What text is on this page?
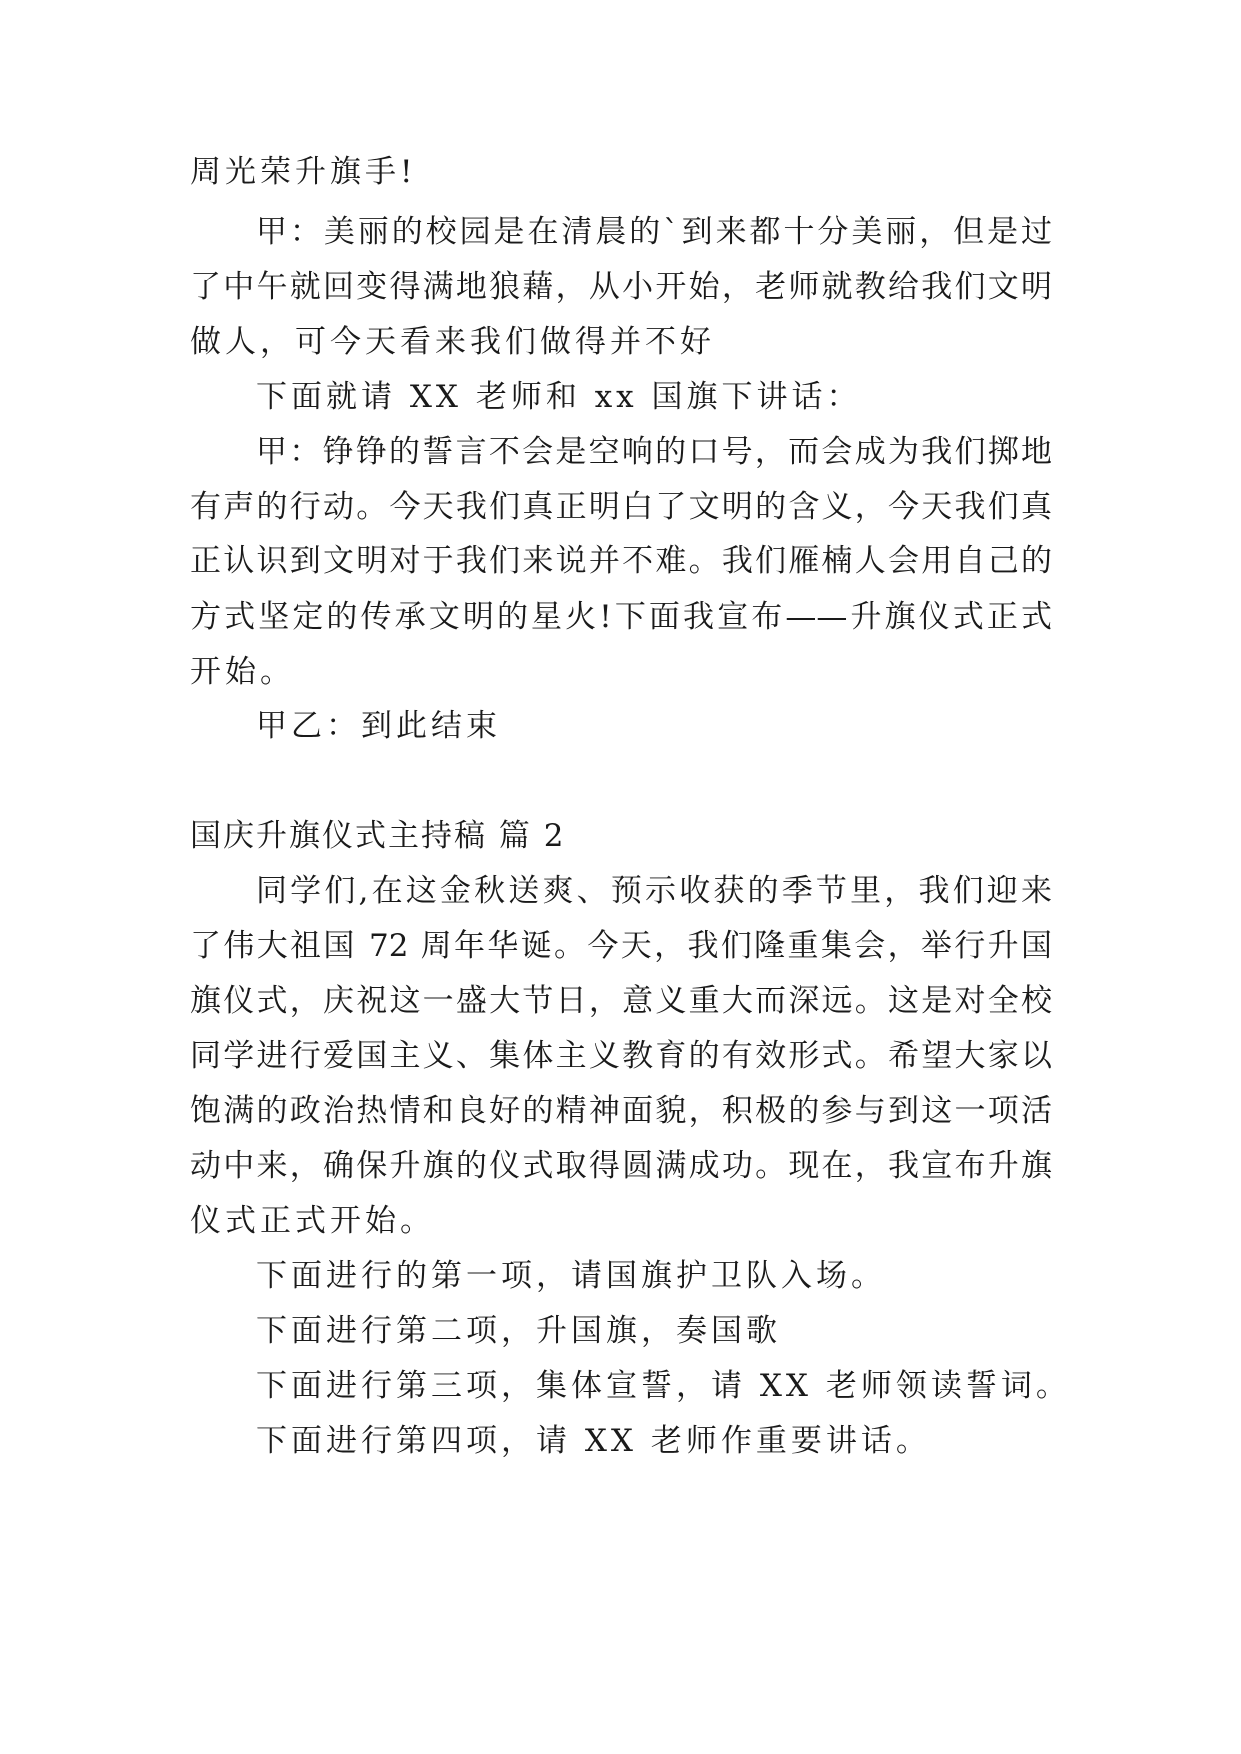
周光荣升旗手!
甲：美丽的校园是在清晨的`到来都十分美丽，但是过
了中午就回变得满地狼藉，从小开始，老师就教给我们文明
做人，可今天看来我们做得并不好
下面就请 XX 老师和 xx 国旗下讲话：
甲：铮铮的誓言不会是空响的口号，而会成为我们掷地
有声的行动。今天我们真正明白了文明的含义，今天我们真
正认识到文明对于我们来说并不难。我们雁楠人会用自己的
方式坚定的传承文明的星火!下面我宣布——升旗仪式正式
开始。
甲乙：到此结束
国庆升旗仪式主持稿 篇 2
同学们,在这金秋送爽、预示收获的季节里，我们迎来
了伟大祖国 72 周年华诞。今天，我们隆重集会，举行升国
旗仪式，庆祝这一盛大节日，意义重大而深远。这是对全校
同学进行爱国主义、集体主义教育的有效形式。希望大家以
饱满的政治热情和良好的精神面貌，积极的参与到这一项活
动中来，确保升旗的仪式取得圆满成功。现在，我宣布升旗
仪式正式开始。
下面进行的第一项，请国旗护卫队入场。
下面进行第二项，升国旗，奏国歌
下面进行第三项，集体宣誓，请 XX 老师领读誓词。
下面进行第四项，请 XX 老师作重要讲话。
